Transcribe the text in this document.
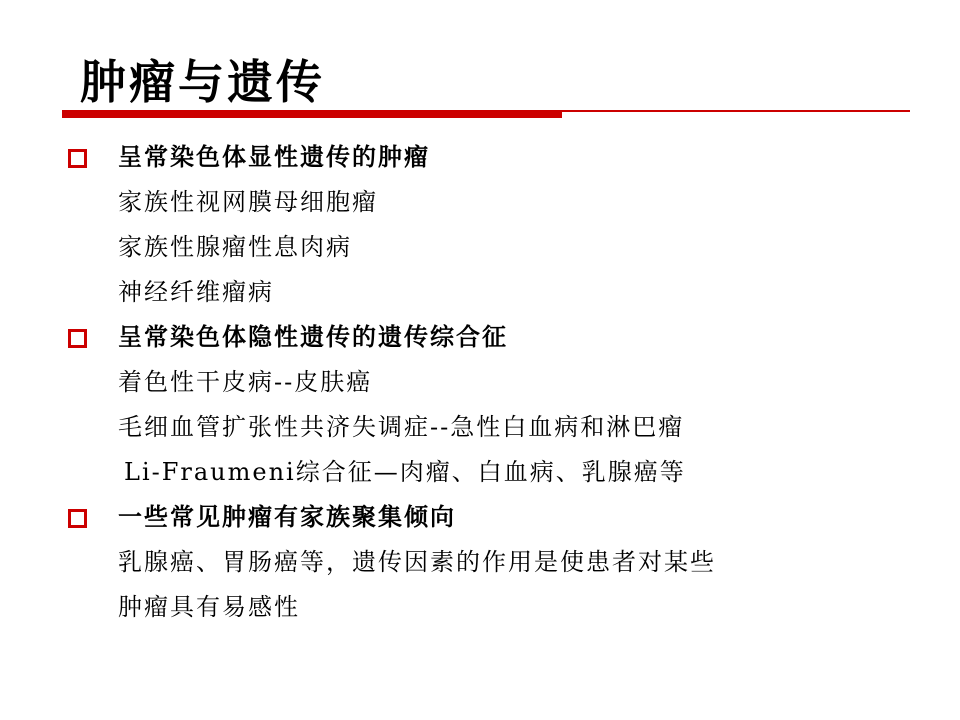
肿瘤与遗传
呈常染色体显性遗传的肿瘤
家族性视网膜母细胞瘤
家族性腺瘤性息肉病
神经纤维瘤病
呈常染色体隐性遗传的遗传综合征
着色性干皮病--皮肤癌
毛细血管扩张性共济失调症--急性白血病和淋巴瘤
Li-Fraumeni综合征—肉瘤、白血病、乳腺癌等
一些常见肿瘤有家族聚集倾向
乳腺癌、胃肠癌等，遗传因素的作用是使患者对某些
肿瘤具有易感性
